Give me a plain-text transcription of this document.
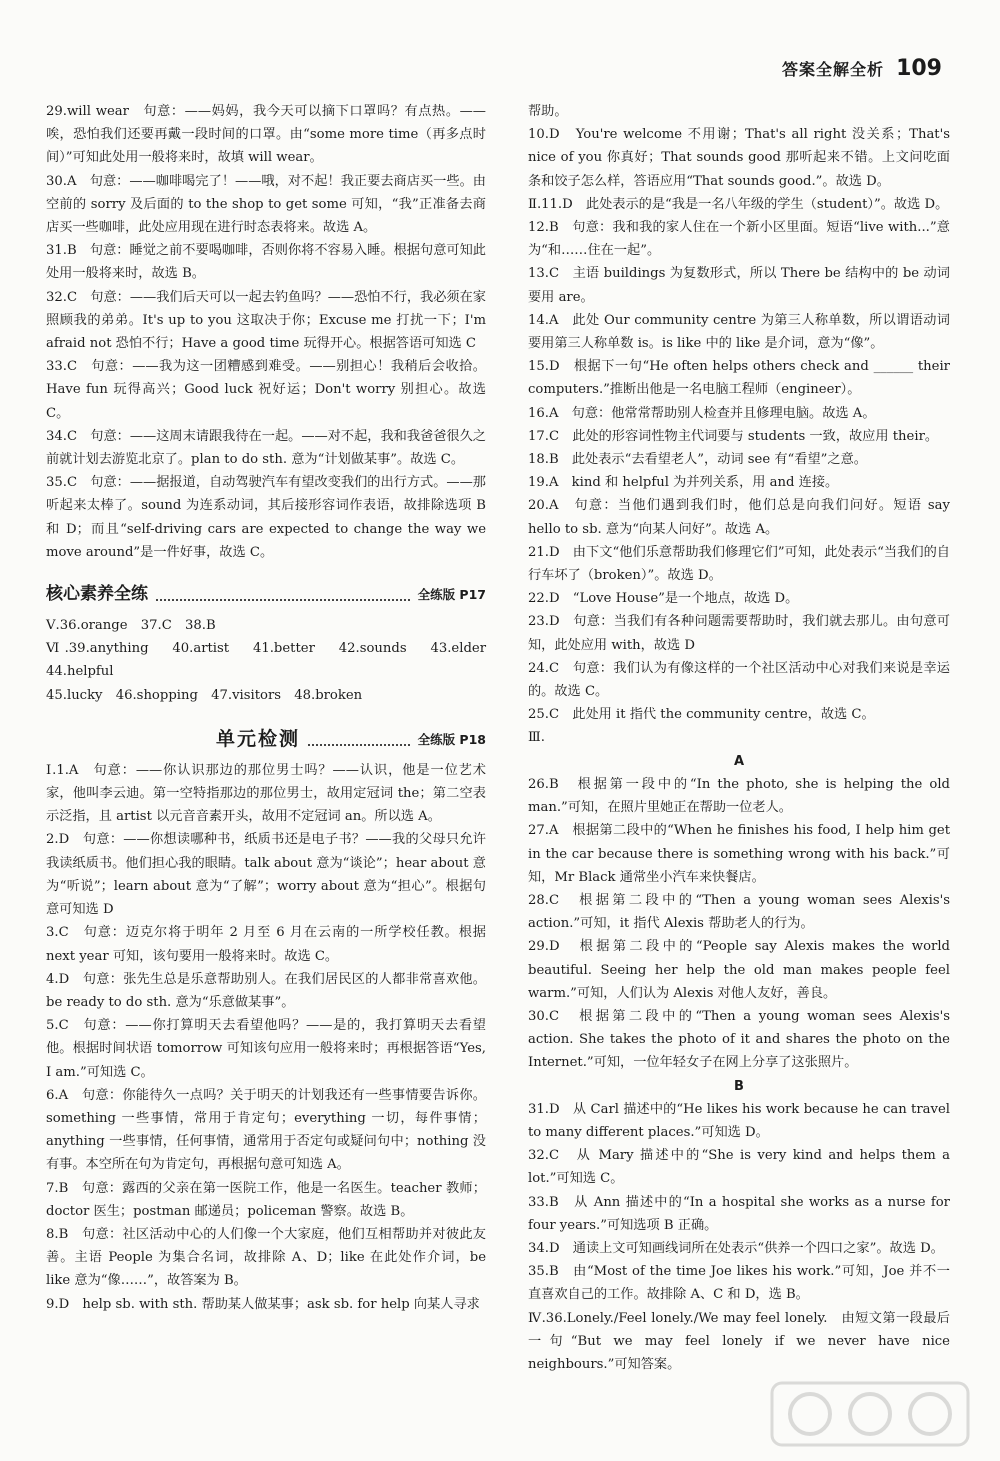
答案全解全析 109

29.will wear　句意：——妈妈，我今天可以摘下口罩吗？有点热。——唉，恐怕我们还要再戴一段时间的口罩。由“some more time（再多点时间）”可知此处用一般将来时，故填 will wear。

30.A　句意：——咖啡喝完了！——哦，对不起！我正要去商店买一些。由空前的 sorry 及后面的 to the shop to get some 可知，“我”正准备去商店买一些咖啡，此处应用现在进行时态表将来。故选 A。

31.B　句意：睡觉之前不要喝咖啡，否则你将不容易入睡。根据句意可知此处用一般将来时，故选 B。

32.C　句意：——我们后天可以一起去钓鱼吗？——恐怕不行，我必须在家照顾我的弟弟。It's up to you 这取决于你；Excuse me 打扰一下；I'm afraid not 恐怕不行；Have a good time 玩得开心。根据答语可知选 C

33.C　句意：——我为这一团糟感到难受。——别担心！我稍后会收拾。Have fun 玩得高兴；Good luck 祝好运；Don't worry 别担心。故选 C。

34.C　句意：——这周末请跟我待在一起。——对不起，我和我爸爸很久之前就计划去游览北京了。plan to do sth. 意为“计划做某事”。故选 C。

35.C　句意：——据报道，自动驾驶汽车有望改变我们的出行方式。——那听起来太棒了。sound 为连系动词，其后接形容词作表语，故排除选项 B 和 D；而且“self-driving cars are expected to change the way we move around”是一件好事，故选 C。

核心素养全练	全练版 P17

Ⅴ.36.orange　37.C　38.B

Ⅵ.39.anything　40.artist　41.better　42.sounds　43.elder　44.helpful

45.lucky　46.shopping　47.visitors　48.broken

单元检测	全练版 P18

Ⅰ.1.A　句意：——你认识那边的那位男士吗？——认识，他是一位艺术家，他叫李云迪。第一空特指那边的那位男士，故用定冠词 the；第二空表示泛指，且 artist 以元音音素开头，故用不定冠词 an。所以选 A。

2.D　句意：——你想读哪种书，纸质书还是电子书？——我的父母只允许我读纸质书。他们担心我的眼睛。talk about 意为“谈论”；hear about 意为“听说”；learn about 意为“了解”；worry about 意为“担心”。根据句意可知选 D

3.C　句意：迈克尔将于明年 2 月至 6 月在云南的一所学校任教。根据 next year 可知，该句要用一般将来时。故选 C。

4.D　句意：张先生总是乐意帮助别人。在我们居民区的人都非常喜欢他。be ready to do sth. 意为“乐意做某事”。

5.C　句意：——你打算明天去看望他吗？——是的，我打算明天去看望他。根据时间状语 tomorrow 可知该句应用一般将来时；再根据答语“Yes, I am.”可知选 C。

6.A　句意：你能待久一点吗？关于明天的计划我还有一些事情要告诉你。something 一些事情，常用于肯定句；everything 一切，每件事情；anything 一些事情，任何事情，通常用于否定句或疑问句中；nothing 没有事。本空所在句为肯定句，再根据句意可知选 A。

7.B　句意：露西的父亲在第一医院工作，他是一名医生。teacher 教师；doctor 医生；postman 邮递员；policeman 警察。故选 B。

8.B　句意：社区活动中心的人们像一个大家庭，他们互相帮助并对彼此友善。主语 People 为集合名词，故排除 A、D；like 在此处作介词，be like 意为“像……”，故答案为 B。

9.D　help sb. with sth. 帮助某人做某事；ask sb. for help 向某人寻求

帮助。

10.D　You're welcome 不用谢；That's all right 没关系；That's nice of you 你真好；That sounds good 那听起来不错。上文问吃面条和饺子怎么样，答语应用“That sounds good.”。故选 D。

Ⅱ.11.D　此处表示的是“我是一名八年级的学生（student）”。故选 D。

12.B　句意：我和我的家人住在一个新小区里面。短语“live with...”意为“和……住在一起”。

13.C　主语 buildings 为复数形式，所以 There be 结构中的 be 动词要用 are。

14.A　此处 Our community centre 为第三人称单数，所以谓语动词要用第三人称单数 is。is like 中的 like 是介词，意为“像”。

15.D　根据下一句“He often helps others check and ______ their computers.”推断出他是一名电脑工程师（engineer）。

16.A　句意：他常常帮助别人检查并且修理电脑。故选 A。

17.C　此处的形容词性物主代词要与 students 一致，故应用 their。

18.B　此处表示“去看望老人”，动词 see 有“看望”之意。

19.A　kind 和 helpful 为并列关系，用 and 连接。

20.A　句意：当他们遇到我们时，他们总是向我们问好。短语 say hello to sb. 意为“向某人问好”。故选 A。

21.D　由下文“他们乐意帮助我们修理它们”可知，此处表示“当我们的自行车坏了（broken）”。故选 D。

22.D　“Love House”是一个地点，故选 D。

23.D　句意：当我们有各种问题需要帮助时，我们就去那儿。由句意可知，此处应用 with，故选 D

24.C　句意：我们认为有像这样的一个社区活动中心对我们来说是幸运的。故选 C。

25.C　此处用 it 指代 the community centre，故选 C。

Ⅲ.

A

26.B　根据第一段中的“In the photo, she is helping the old man.”可知，在照片里她正在帮助一位老人。

27.A　根据第二段中的“When he finishes his food, I help him get in the car because there is something wrong with his back.”可知，Mr Black 通常坐小汽车来快餐店。

28.C　根据第二段中的“Then a young woman sees Alexis's action.”可知，it 指代 Alexis 帮助老人的行为。

29.D　根据第二段中的“People say Alexis makes the world beautiful. Seeing her help the old man makes people feel warm.”可知，人们认为 Alexis 对他人友好，善良。

30.C　根据第二段中的“Then a young woman sees Alexis's action. She takes the photo of it and shares the photo on the Internet.”可知，一位年轻女子在网上分享了这张照片。

B

31.D　从 Carl 描述中的“He likes his work because he can travel to many different places.”可知选 D。

32.C　从 Mary 描述中的“She is very kind and helps them a lot.”可知选 C。

33.B　从 Ann 描述中的“In a hospital she works as a nurse for four years.”可知选项 B 正确。

34.D　通读上文可知画线词所在处表示“供养一个四口之家”。故选 D。

35.B　由“Most of the time Joe likes his work.”可知，Joe 并不一直喜欢自己的工作。故排除 A、C 和 D，选 B。

Ⅳ.36.Lonely./Feel lonely./We may feel lonely.　由短文第一段最后一句“But we may feel lonely if we never have nice neighbours.”可知答案。
